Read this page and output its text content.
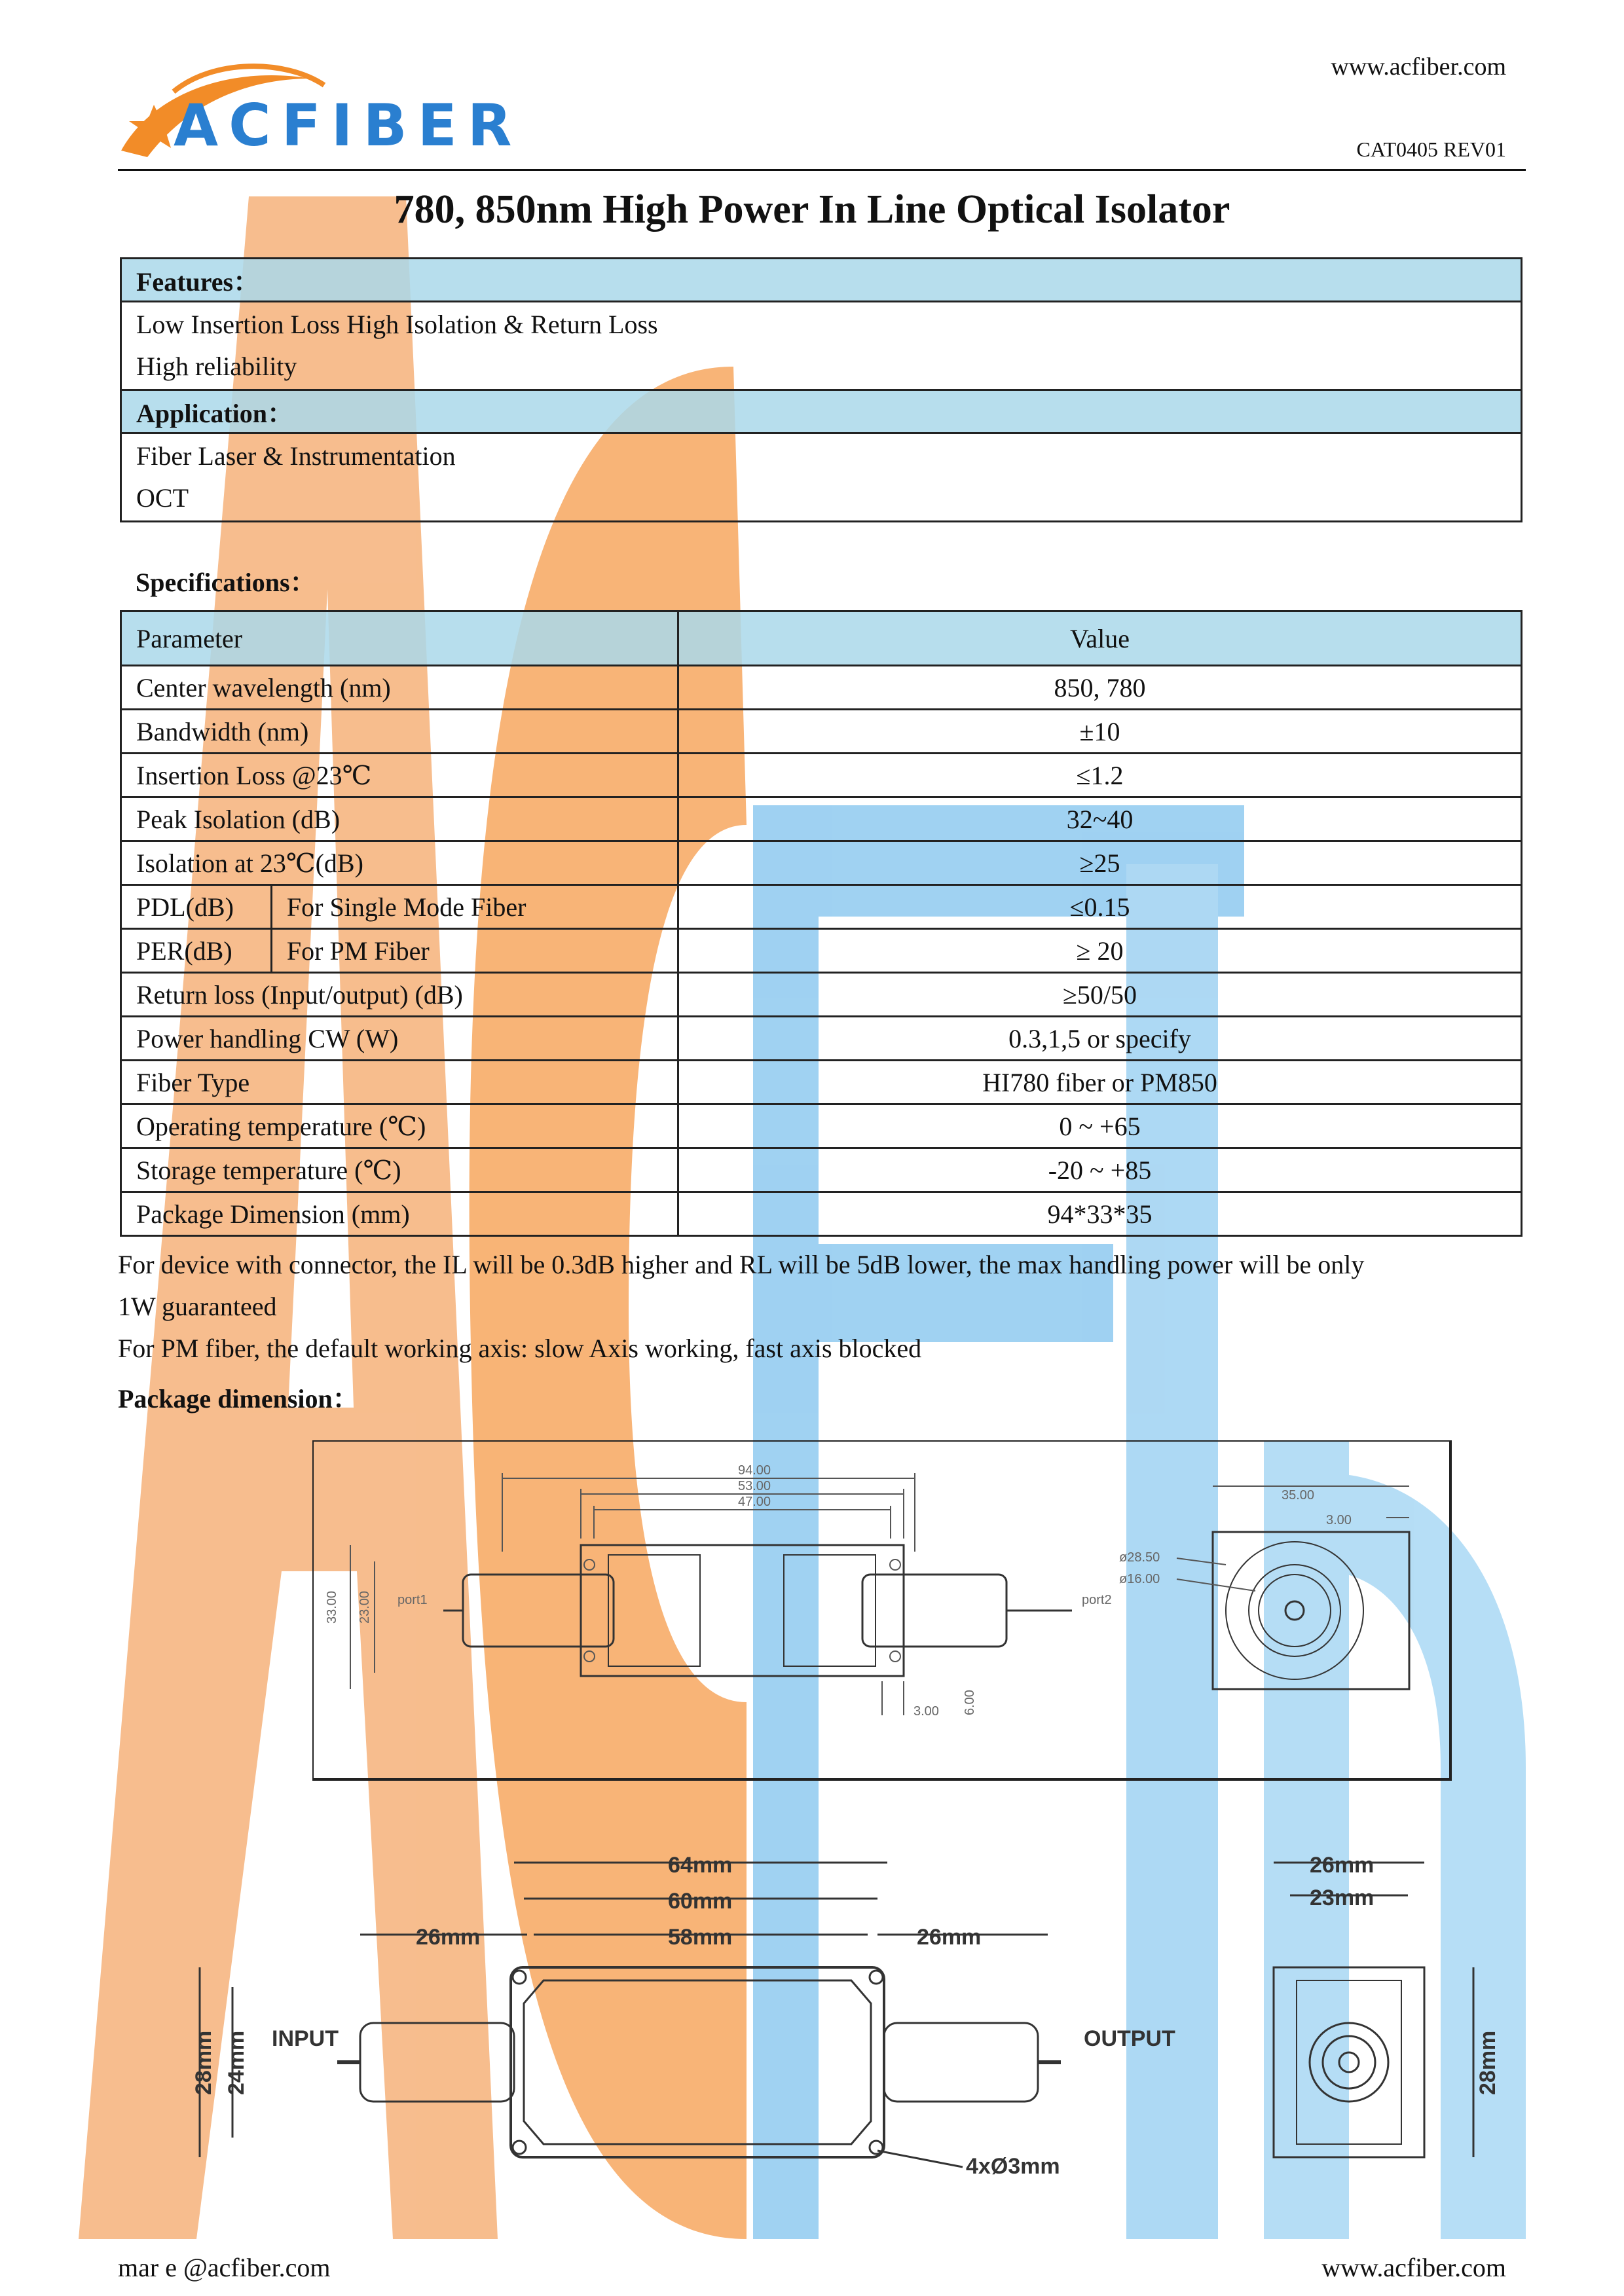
ACFIBER
www.acfiber.com
CAT0405 REV01
780, 850nm High Power In Line Optical Isolator
Features：

Low Insertion Loss High Isolation & Return Loss
High reliability

Application：

Fiber Laser & Instrumentation
OCT
Specifications：
Parameter		Value
Center wavelength (nm)		850, 780
Bandwidth (nm)		±10
Insertion Loss @23℃		≤1.2
Peak Isolation (dB)		32~40
Isolation at 23℃(dB)		≥25
PDL(dB)	For Single Mode Fiber	≤0.15
PER(dB)	For PM Fiber	≥ 20
Return loss (Input/output) (dB)		≥50/50
Power handling CW (W)		0.3,1,5 or specify
Fiber Type		HI780 fiber or PM850
Operating temperature (℃)		0 ~ +65
Storage temperature (℃)		-20 ~ +85
Package Dimension (mm)		94*33*35
For device with connector, the IL will be 0.3dB higher and RL will be 5dB lower, the max handling power will be only
1W guaranteed
For PM fiber, the default working axis: slow Axis working, fast axis blocked
Package dimension：
94.00
53.00
47.00
33.00 23.00 port1	port2
3.00 6.00
35.00
3.00
ø28.50
ø16.00
64mm
60mm
58mm
26mm	26mm
INPUT	OUTPUT
28mm 24mm
4xØ3mm
26mm
23mm
28mm
mar e @acfiber.com	www.acfiber.com
